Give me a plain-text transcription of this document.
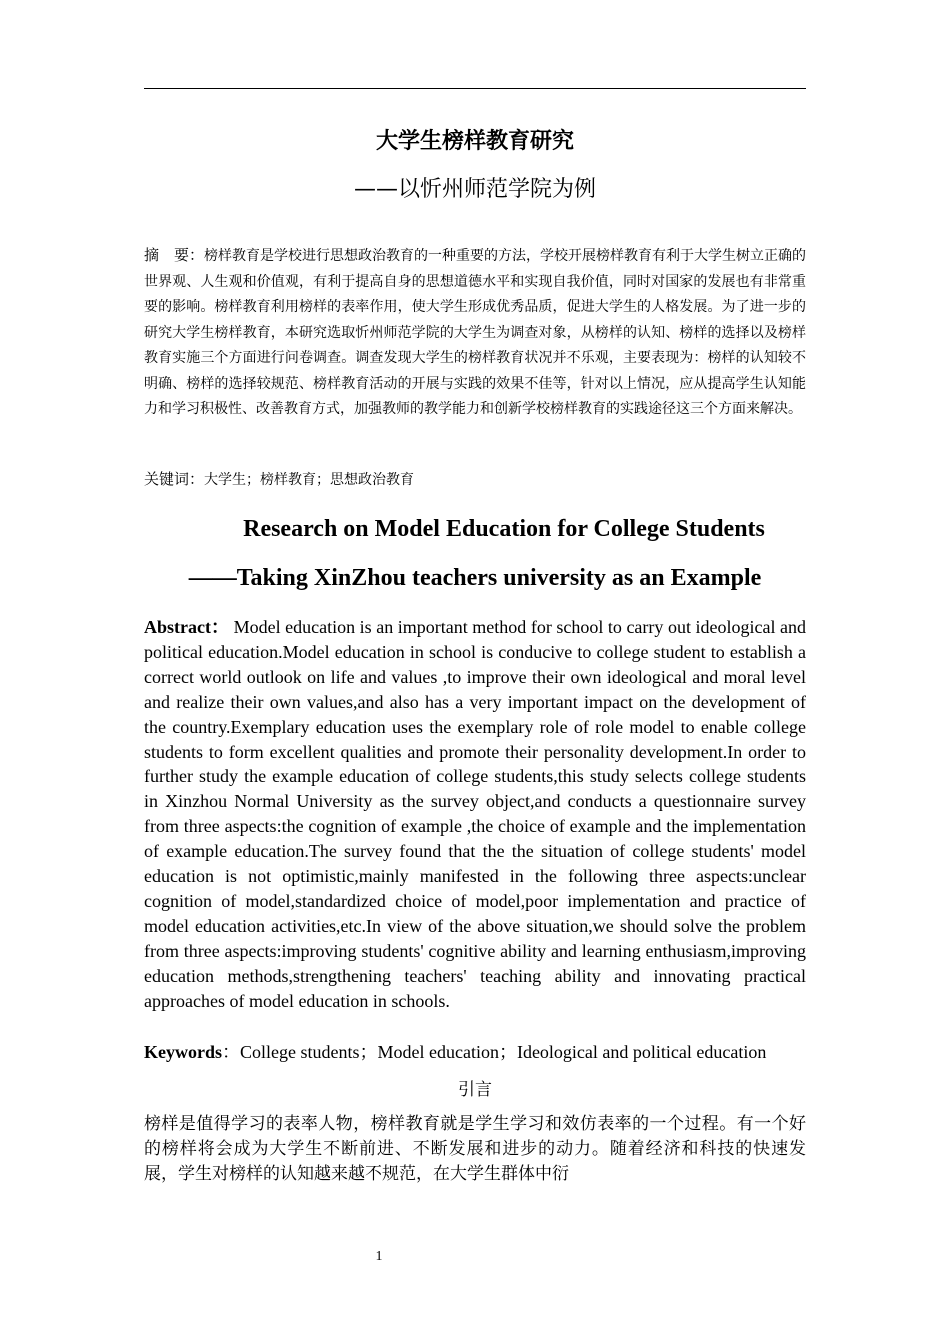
大学生榜样教育研究
——以忻州师范学院为例

摘　要：榜样教育是学校进行思想政治教育的一种重要的方法，学校开展榜样教育有利于大学生树立正确的世界观、人生观和价值观，有利于提高自身的思想道德水平和实现自我价值，同时对国家的发展也有非常重要的影响。榜样教育利用榜样的表率作用，使大学生形成优秀品质，促进大学生的人格发展。为了进一步的研究大学生榜样教育，本研究选取忻州师范学院的大学生为调查对象，从榜样的认知、榜样的选择以及榜样教育实施三个方面进行问卷调查。调查发现大学生的榜样教育状况并不乐观，主要表现为：榜样的认知较不明确、榜样的选择较规范、榜样教育活动的开展与实践的效果不佳等，针对以上情况，应从提高学生认知能力和学习积极性、改善教育方式，加强教师的教学能力和创新学校榜样教育的实践途径这三个方面来解决。

关键词：大学生；榜样教育；思想政治教育

Research on Model Education for College Students
——Taking XinZhou teachers university as an Example

Abstract： Model education is an important method for school to carry out ideological and political education.Model education in school is conducive to college student to establish a correct world outlook on life and values ,to improve their own ideological and moral level and realize their own values,and also has a very important impact on the development of the country.Exemplary education uses the exemplary role of role model to enable college students to form excellent qualities and promote their personality development.In order to further study the example education of college students,this study selects college students in Xinzhou Normal University as the survey object,and conducts a questionnaire survey from three aspects:the cognition of example ,the choice of example and the implementation of example education.The survey found that the the situation of college students' model education is not optimistic,mainly manifested in the following three aspects:unclear cognition of model,standardized choice of model,poor implementation and practice of model education activities,etc.In view of the above situation,we should solve the problem from three aspects:improving students' cognitive ability and learning enthusiasm,improving education methods,strengthening teachers' teaching ability and innovating practical approaches of model education in schools.

Keywords：College students；Model education；Ideological and political education

引言

榜样是值得学习的表率人物，榜样教育就是学生学习和效仿表率的一个过程。有一个好的榜样将会成为大学生不断前进、不断发展和进步的动力。随着经济和科技的快速发展，学生对榜样的认知越来越不规范，在大学生群体中衍

1
